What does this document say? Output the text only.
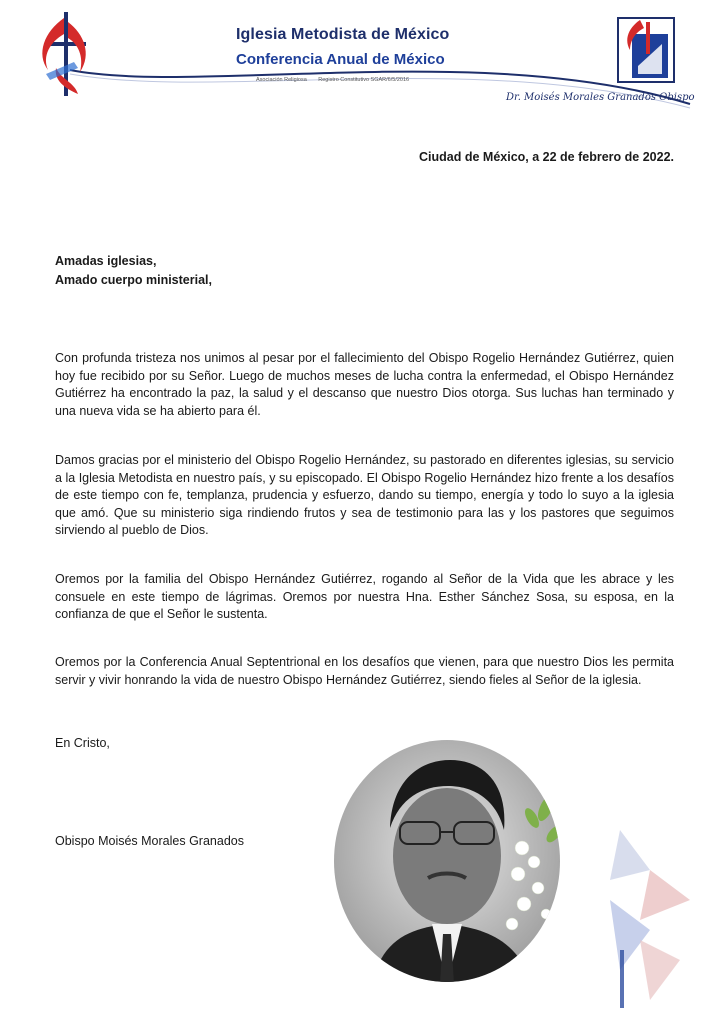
Iglesia Metodista de México
Conferencia Anual de México
Asociación Religiosa Registro Constitutivo SGAR/6/5/2016
Dr. Moisés Morales Granados Obispo
Ciudad de México, a 22 de febrero de 2022.
Amadas iglesias,
Amado cuerpo ministerial,

Con profunda tristeza nos unimos al pesar por el fallecimiento del Obispo Rogelio Hernández Gutiérrez, quien hoy fue recibido por su Señor. Luego de muchos meses de lucha contra la enfermedad, el Obispo Hernández Gutiérrez ha encontrado la paz, la salud y el descanso que nuestro Dios otorga. Sus luchas han terminado y una nueva vida se ha abierto para él.

Damos gracias por el ministerio del Obispo Rogelio Hernández, su pastorado en diferentes iglesias, su servicio a la Iglesia Metodista en nuestro país, y su episcopado. El Obispo Rogelio Hernández hizo frente a los desafíos de este tiempo con fe, templanza, prudencia y esfuerzo, dando su tiempo, energía y todo lo suyo a la iglesia que amó. Que su ministerio siga rindiendo frutos y sea de testimonio para las y los pastores que seguimos sirviendo al pueblo de Dios.

Oremos por la familia del Obispo Hernández Gutiérrez, rogando al Señor de la Vida que les abrace y les consuele en este tiempo de lágrimas. Oremos por nuestra Hna. Esther Sánchez Sosa, su esposa, en la confianza de que el Señor le sustenta.

Oremos por la Conferencia Anual Septentrional en los desafíos que vienen, para que nuestro Dios les permita servir y vivir honrando la vida de nuestro Obispo Hernández Gutiérrez, siendo fieles al Señor de la iglesia.

En Cristo,
Obispo Moisés Morales Granados
